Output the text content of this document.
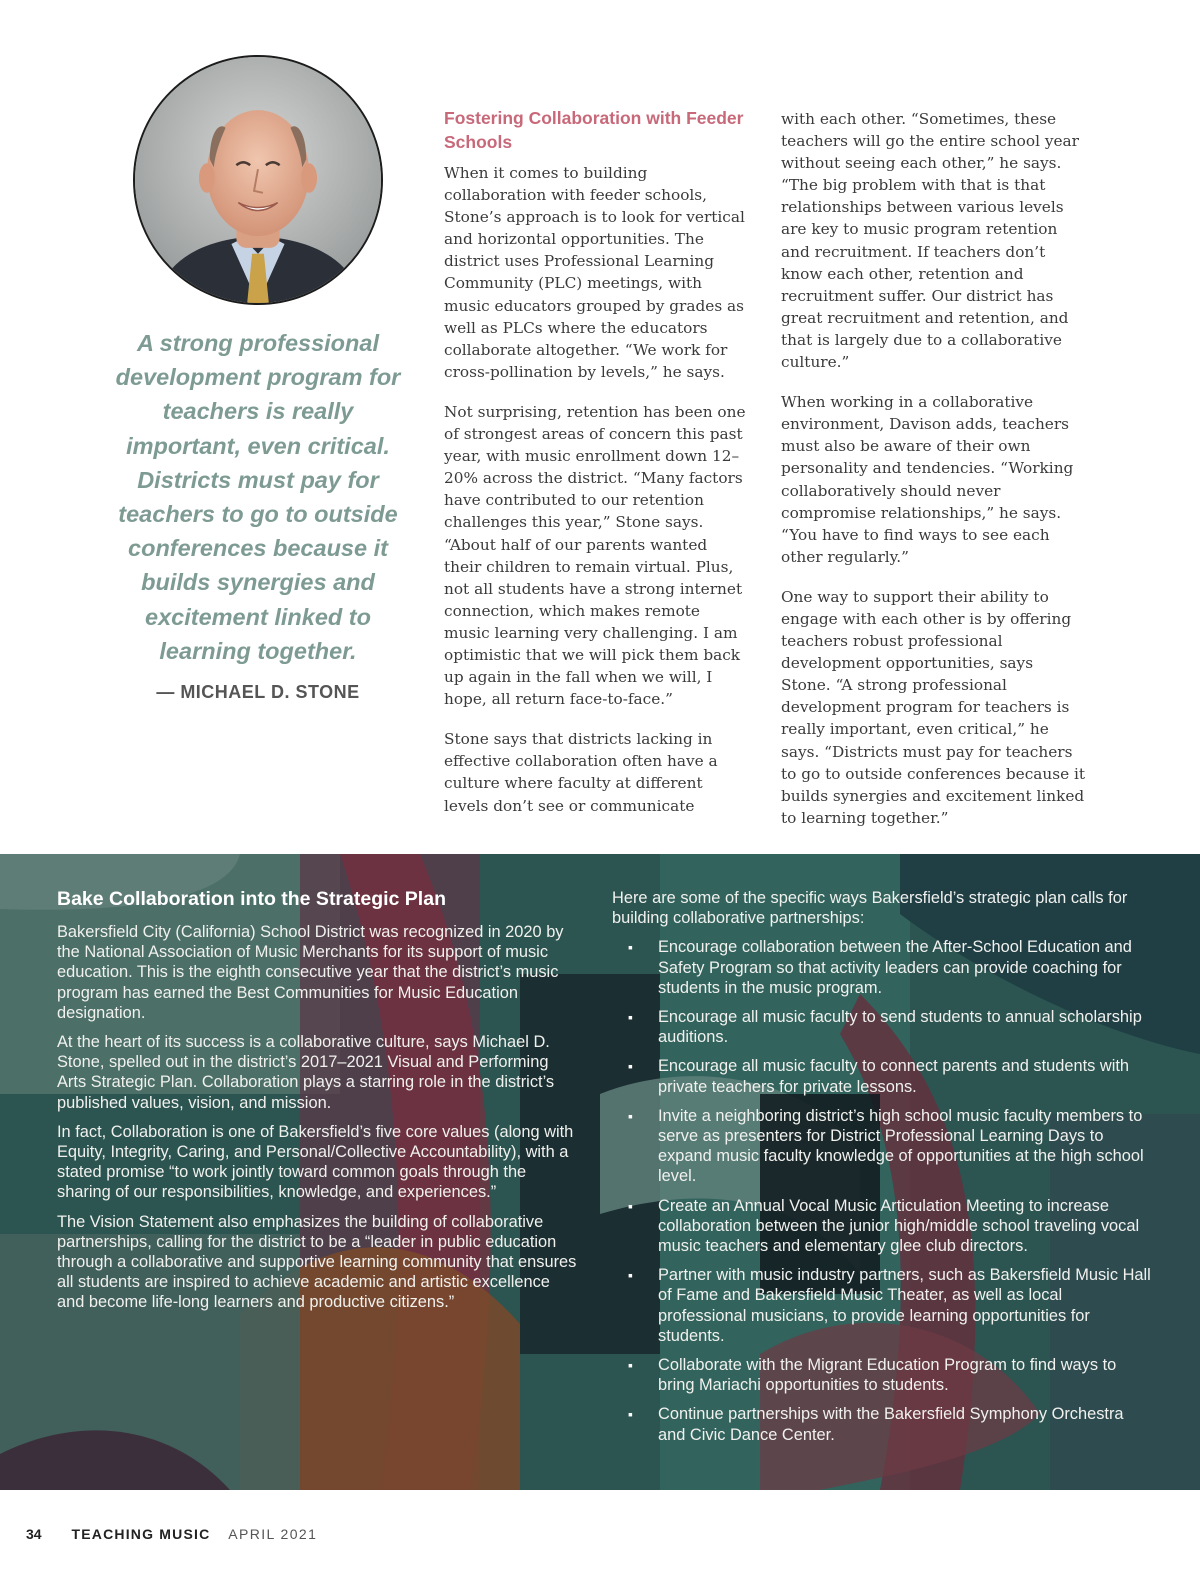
A strong professional development program for teachers is really important, even critical. Districts must pay for teachers to go to outside conferences because it builds synergies and excitement linked to learning together.

— MICHAEL D. STONE

Fostering Collaboration with Feeder Schools

When it comes to building collaboration with feeder schools, Stone’s approach is to look for vertical and horizontal opportunities. The district uses Professional Learning Community (PLC) meetings, with music educators grouped by grades as well as PLCs where the educators collaborate altogether. “We work for cross-pollination by levels,” he says.

Not surprising, retention has been one of strongest areas of concern this past year, with music enrollment down 12–20% across the district. “Many factors have contributed to our retention challenges this year,” Stone says. “About half of our parents wanted their children to remain virtual. Plus, not all students have a strong internet connection, which makes remote music learning very challenging. I am optimistic that we will pick them back up again in the fall when we will, I hope, all return face-to-face.”

Stone says that districts lacking in effective collaboration often have a culture where faculty at different levels don’t see or communicate

with each other. “Sometimes, these teachers will go the entire school year without seeing each other,” he says. “The big problem with that is that relationships between various levels are key to music program retention and recruitment. If teachers don’t know each other, retention and recruitment suffer. Our district has great recruitment and retention, and that is largely due to a collaborative culture.”

When working in a collaborative environment, Davison adds, teachers must also be aware of their own personality and tendencies. “Working collaboratively should never compromise relationships,” he says. “You have to find ways to see each other regularly.”

One way to support their ability to engage with each other is by offering teachers robust professional development opportunities, says Stone. “A strong professional development program for teachers is really important, even critical,” he says. “Districts must pay for teachers to go to outside conferences because it builds synergies and excitement linked to learning together.”

Bake Collaboration into the Strategic Plan

Bakersfield City (California) School District was recognized in 2020 by the National Association of Music Merchants for its support of music education. This is the eighth consecutive year that the district’s music program has earned the Best Communities for Music Education designation.

At the heart of its success is a collaborative culture, says Michael D. Stone, spelled out in the district’s 2017–2021 Visual and Performing Arts Strategic Plan. Collaboration plays a starring role in the district’s published values, vision, and mission.

In fact, Collaboration is one of Bakersfield’s five core values (along with Equity, Integrity, Caring, and Personal/Collective Accountability), with a stated promise “to work jointly toward common goals through the sharing of our responsibilities, knowledge, and experiences.”

The Vision Statement also emphasizes the building of collaborative partnerships, calling for the district to be a “leader in public education through a collaborative and supportive learning community that ensures all students are inspired to achieve academic and artistic excellence and become life-long learners and productive citizens.”

Here are some of the specific ways Bakersfield’s strategic plan calls for building collaborative partnerships:

▪ Encourage collaboration between the After-School Education and Safety Program so that activity leaders can provide coaching for students in the music program.
▪ Encourage all music faculty to send students to annual scholarship auditions.
▪ Encourage all music faculty to connect parents and students with private teachers for private lessons.
▪ Invite a neighboring district’s high school music faculty members to serve as presenters for District Professional Learning Days to expand music faculty knowledge of opportunities at the high school level.
▪ Create an Annual Vocal Music Articulation Meeting to increase collaboration between the junior high/middle school traveling vocal music teachers and elementary glee club directors.
▪ Partner with music industry partners, such as Bakersfield Music Hall of Fame and Bakersfield Music Theater, as well as local professional musicians, to provide learning opportunities for students.
▪ Collaborate with the Migrant Education Program to find ways to bring Mariachi opportunities to students.
▪ Continue partnerships with the Bakersfield Symphony Orchestra and Civic Dance Center.
34 TEACHING MUSIC APRIL 2021
